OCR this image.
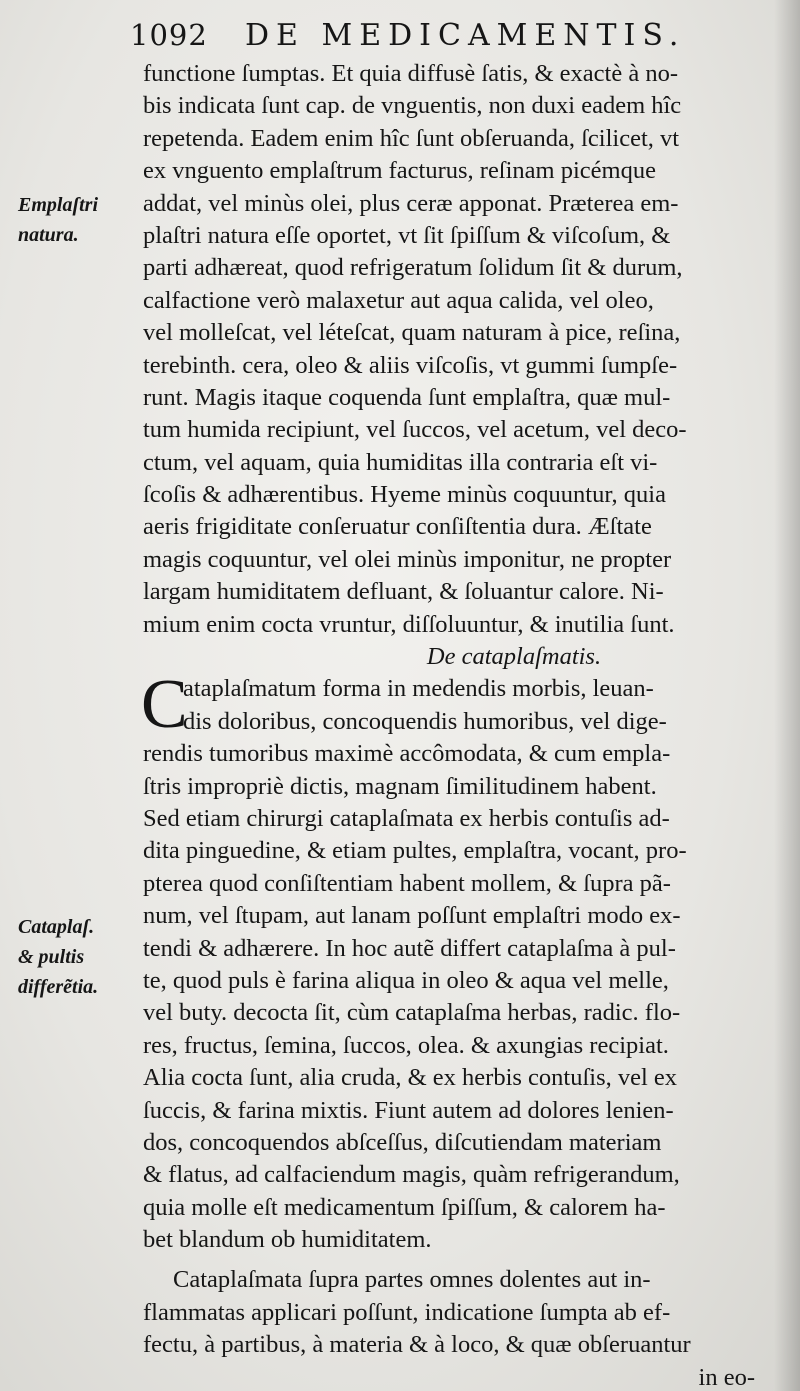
1092 DE MEDICAMENTIS.
Emplaſtri
natura.
Cataplaſ.
& pultis
differẽtia.
functione ſumptas. Et quia diffusè ſatis, & exactè à no-
bis indicata ſunt cap. de vnguentis, non duxi eadem hîc
repetenda. Eadem enim hîc ſunt obſeruanda, ſcilicet, vt
ex vnguento emplaſtrum facturus, reſinam picémque
addat, vel minùs olei, plus ceræ apponat. Præterea em-
plaſtri natura eſſe oportet, vt ſit ſpiſſum & viſcoſum, &
parti adhæreat, quod refrigeratum ſolidum ſit & durum,
calfactione verò malaxetur aut aqua calida, vel oleo,
vel molleſcat, vel léteſcat, quam naturam à pice, reſina,
terebinth. cera, oleo & aliis viſcoſis, vt gummi ſumpſe-
runt. Magis itaque coquenda ſunt emplaſtra, quæ mul-
tum humida recipiunt, vel ſuccos, vel acetum, vel deco-
ctum, vel aquam, quia humiditas illa contraria eſt vi-
ſcoſis & adhærentibus. Hyeme minùs coquuntur, quia
aeris frigiditate conſeruatur conſiſtentia dura. Æſtate
magis coquuntur, vel olei minùs imponitur, ne propter
largam humiditatem defluant, & ſoluantur calore. Ni-
mium enim cocta vruntur, diſſoluuntur, & inutilia ſunt.
De cataplaſmatis.
C
ataplaſmatum forma in medendis morbis, leuan-
dis doloribus, concoquendis humoribus, vel dige-
rendis tumoribus maximè accômodata, & cum empla-
ſtris impropriè dictis, magnam ſimilitudinem habent.
Sed etiam chirurgi cataplaſmata ex herbis contuſis ad-
dita pinguedine, & etiam pultes, emplaſtra, vocant, pro-
pterea quod conſiſtentiam habent mollem, & ſupra pã-
num, vel ſtupam, aut lanam poſſunt emplaſtri modo ex-
tendi & adhærere. In hoc autẽ differt cataplaſma à pul-
te, quod puls è farina aliqua in oleo & aqua vel melle,
vel buty. decocta ſit, cùm cataplaſma herbas, radic. flo-
res, fructus, ſemina, ſuccos, olea. & axungias recipiat.
Alia cocta ſunt, alia cruda, & ex herbis contuſis, vel ex
ſuccis, & farina mixtis. Fiunt autem ad dolores lenien-
dos, concoquendos abſceſſus, diſcutiendam materiam
& flatus, ad calfaciendum magis, quàm refrigerandum,
quia molle eſt medicamentum ſpiſſum, & calorem ha-
bet blandum ob humiditatem.
Cataplaſmata ſupra partes omnes dolentes aut in-
flammatas applicari poſſunt, indicatione ſumpta ab ef-
fectu, à partibus, à materia & à loco, & quæ obſeruantur
in eo-
